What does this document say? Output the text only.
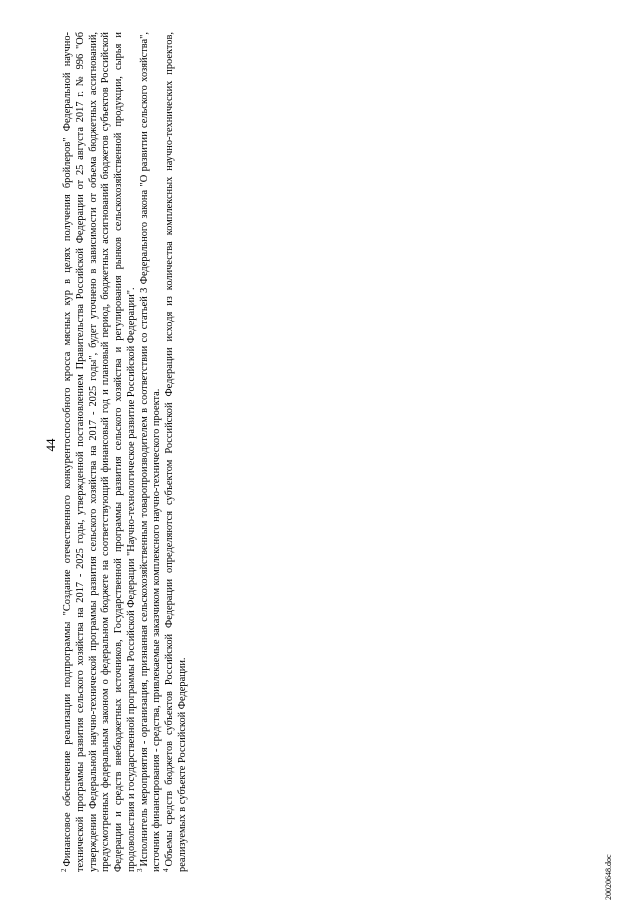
44

$^2$Финансовое обеспечение реализации подпрограммы "Создание отечественного конкурентоспособного кросса мясных кур в целях получения бройлеров" Федеральной научно-технической программы развития сельского хозяйства на 2017 - 2025 годы, утвержденной постановлением Правительства Российской Федерации от 25 августа 2017 г. № 996 "Об утверждении Федеральной научно-технической программы развития сельского хозяйства на 2017 - 2025 годы", будет уточнено в зависимости от объема бюджетных ассигнований, предусмотренных федеральным законом о федеральном бюджете на соответствующий финансовый год и плановый период, бюджетных ассигнований бюджетов субъектов Российской Федерации и средств внебюджетных источников, Государственной программы развития сельского хозяйства и регулирования рынков сельскохозяйственной продукции, сырья и продовольствия и государственной программы Российской Федерации "Научно-технологическое развитие Российской Федерации". $^3$Исполнитель мероприятия - организация, признанная сельскохозяйственным товаропроизводителем в соответствии со статьей 3 Федерального закона "О развитии сельского хозяйства", источник финансирования - средства, привлекаемые заказчиком комплексного научно-технического проекта. $^4$Объемы средств бюджетов субъектов Российской Федерации определяются субъектом Российской Федерации исходя из количества комплексных научно-технических проектов, реализуемых в субъекте Российской Федерации.

20020648.doc
